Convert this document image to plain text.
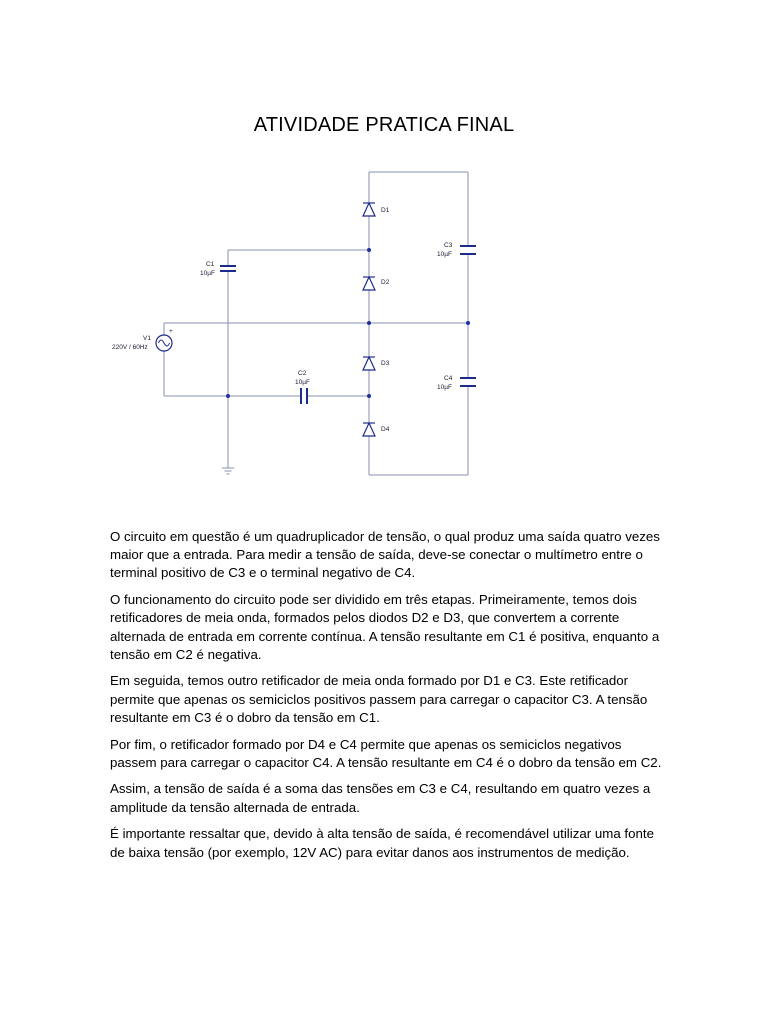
ATIVIDADE PRATICA FINAL
D1
D2
D3
D4
C1
10µF
C2
10µF
C3
10µF
C4
10µF
V1
220V / 60Hz
+

O circuito em questão é um quadruplicador de tensão, o qual produz uma saída quatro vezes maior que a entrada. Para medir a tensão de saída, deve-se conectar o multímetro entre o terminal positivo de C3 e o terminal negativo de C4.

O funcionamento do circuito pode ser dividido em três etapas. Primeiramente, temos dois retificadores de meia onda, formados pelos diodos D2 e D3, que convertem a corrente alternada de entrada em corrente contínua. A tensão resultante em C1 é positiva, enquanto a tensão em C2 é negativa.

Em seguida, temos outro retificador de meia onda formado por D1 e C3. Este retificador permite que apenas os semiciclos positivos passem para carregar o capacitor C3. A tensão resultante em C3 é o dobro da tensão em C1.

Por fim, o retificador formado por D4 e C4 permite que apenas os semiciclos negativos passem para carregar o capacitor C4. A tensão resultante em C4 é o dobro da tensão em C2.

Assim, a tensão de saída é a soma das tensões em C3 e C4, resultando em quatro vezes a amplitude da tensão alternada de entrada.

É importante ressaltar que, devido à alta tensão de saída, é recomendável utilizar uma fonte de baixa tensão (por exemplo, 12V AC) para evitar danos aos instrumentos de medição.
